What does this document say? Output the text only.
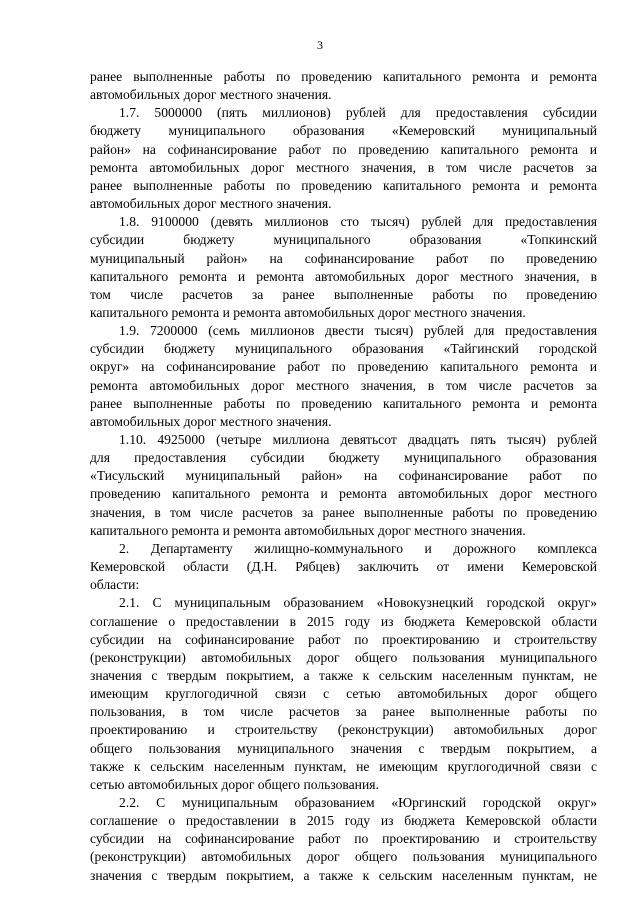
3
ранее выполненные работы по проведению капитального ремонта и ремонта
автомобильных дорог местного значения.
1.7. 5000000 (пять миллионов) рублей для предоставления субсидии
бюджету муниципального образования «Кемеровский муниципальный
район» на софинансирование работ по проведению капитального ремонта и
ремонта автомобильных дорог местного значения, в том числе расчетов за
ранее выполненные работы по проведению капитального ремонта и ремонта
автомобильных дорог местного значения.
1.8. 9100000 (девять миллионов сто тысяч) рублей для предоставления
субсидии бюджету муниципального образования «Топкинский
муниципальный район» на софинансирование работ по проведению
капитального ремонта и ремонта автомобильных дорог местного значения, в
том числе расчетов за ранее выполненные работы по проведению
капитального ремонта и ремонта автомобильных дорог местного значения.
1.9. 7200000 (семь миллионов двести тысяч) рублей для предоставления
субсидии бюджету муниципального образования «Тайгинский городской
округ» на софинансирование работ по проведению капитального ремонта и
ремонта автомобильных дорог местного значения, в том числе расчетов за
ранее выполненные работы по проведению капитального ремонта и ремонта
автомобильных дорог местного значения.
1.10. 4925000 (четыре миллиона девятьсот двадцать пять тысяч) рублей
для предоставления субсидии бюджету муниципального образования
«Тисульский муниципальный район» на софинансирование работ по
проведению капитального ремонта и ремонта автомобильных дорог местного
значения, в том числе расчетов за ранее выполненные работы по проведению
капитального ремонта и ремонта автомобильных дорог местного значения.
2. Департаменту жилищно-коммунального и дорожного комплекса
Кемеровской области (Д.Н. Рябцев) заключить от имени Кемеровской
области:
2.1. С муниципальным образованием «Новокузнецкий городской округ»
соглашение о предоставлении в 2015 году из бюджета Кемеровской области
субсидии на софинансирование работ по проектированию и строительству
(реконструкции) автомобильных дорог общего пользования муниципального
значения с твердым покрытием, а также к сельским населенным пунктам, не
имеющим круглогодичной связи с сетью автомобильных дорог общего
пользования, в том числе расчетов за ранее выполненные работы по
проектированию и строительству (реконструкции) автомобильных дорог
общего пользования муниципального значения с твердым покрытием, а
также к сельским населенным пунктам, не имеющим круглогодичной связи с
сетью автомобильных дорог общего пользования.
2.2. С муниципальным образованием «Юргинский городской округ»
соглашение о предоставлении в 2015 году из бюджета Кемеровской области
субсидии на софинансирование работ по проектированию и строительству
(реконструкции) автомобильных дорог общего пользования муниципального
значения с твердым покрытием, а также к сельским населенным пунктам, не
